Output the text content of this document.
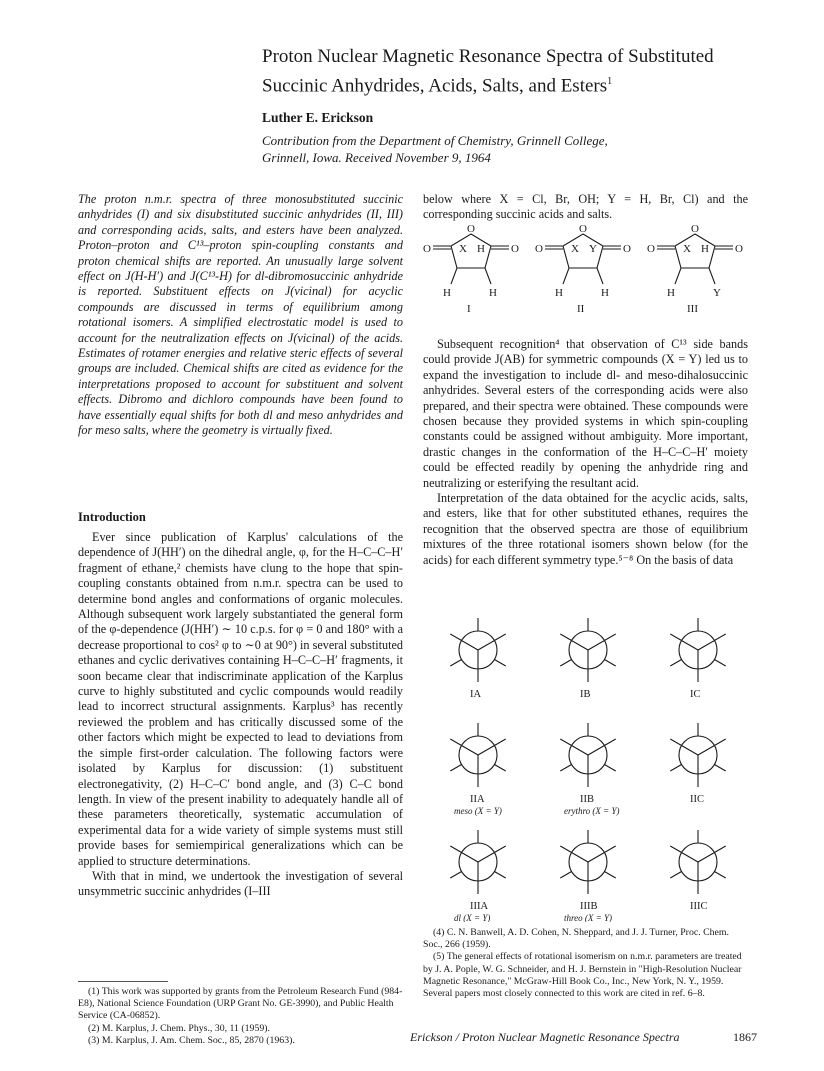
Proton Nuclear Magnetic Resonance Spectra of Substituted
Succinic Anhydrides, Acids, Salts, and Esters$^1$
Luther E. Erickson
Contribution from the Department of Chemistry, Grinnell College,
Grinnell, Iowa. Received November 9, 1964
The proton n.m.r. spectra of three monosubstituted succinic anhydrides (I) and six disubstituted succinic anhydrides (II, III) and corresponding acids, salts, and esters have been analyzed. Proton–proton and C¹³–proton spin-coupling constants and proton chemical shifts are reported. An unusually large solvent effect on J(H-H′) and J(C¹³-H) for dl-dibromosuccinic anhydride is reported. Substituent effects on J(vicinal) for acyclic compounds are discussed in terms of equilibrium among rotational isomers. A simplified electrostatic model is used to account for the neutralization effects on J(vicinal) of the acids. Estimates of rotamer energies and relative steric effects of several groups are included. Chemical shifts are cited as evidence for the interpretations proposed to account for substituent and solvent effects. Dibromo and dichloro compounds have been found to have essentially equal shifts for both dl and meso anhydrides and for meso salts, where the geometry is virtually fixed.
Introduction

Ever since publication of Karplus' calculations of the dependence of J(HH′) on the dihedral angle, φ, for the H–C–C–H′ fragment of ethane,² chemists have clung to the hope that spin-coupling constants obtained from n.m.r. spectra can be used to determine bond angles and conformations of organic molecules. Although subsequent work largely substantiated the general form of the φ-dependence (J(HH′) ∼ 10 c.p.s. for φ = 0 and 180° with a decrease proportional to cos² φ to ∼0 at 90°) in several substituted ethanes and cyclic derivatives containing H–C–C–H′ fragments, it soon became clear that indiscriminate application of the Karplus curve to highly substituted and cyclic compounds would readily lead to incorrect structural assignments. Karplus³ has recently reviewed the problem and has critically discussed some of the other factors which might be expected to lead to deviations from the simple first-order calculation. The following factors were isolated by Karplus for discussion: (1) substituent electronegativity, (2) H–C–C′ bond angle, and (3) C–C bond length. In view of the present inability to adequately handle all of these parameters theoretically, systematic accumulation of experimental data for a wide variety of simple systems must still provide bases for semiempirical generalizations which can be applied to structure determinations.

With that in mind, we undertook the investigation of several unsymmetric succinic anhydrides (I–III

below where X = Cl, Br, OH; Y = H, Br, Cl) and the corresponding succinic acids and salts.
O
O	O
X H
H	H
I
O
O	O
X Y
H	H
II
O
O	O
X H
H	Y
III

Subsequent recognition⁴ that observation of C¹³ side bands could provide J(AB) for symmetric compounds (X = Y) led us to expand the investigation to include dl- and meso-dihalosuccinic anhydrides. Several esters of the corresponding acids were also prepared, and their spectra were obtained. These compounds were chosen because they provided systems in which spin-coupling constants could be assigned without ambiguity. More important, drastic changes in the conformation of the H–C–C–H′ moiety could be effected readily by opening the anhydride ring and neutralizing or esterifying the resultant acid.

Interpretation of the data obtained for the acyclic acids, salts, and esters, like that for other substituted ethanes, requires the recognition that the observed spectra are those of equilibrium mixtures of the three rotational isomers shown below (for the acids) for each different symmetry type.⁵⁻⁸ On the basis of data

IA	IB	IC
IIA
meso (X = Y)
IIB
erythro (X = Y)
IIC
IIIA
dl (X = Y)
IIIB
threo (X = Y)
IIIC

(1) This work was supported by grants from the Petroleum Research Fund (984-E8), National Science Foundation (URP Grant No. GE-3990), and Public Health Service (CA-06852).

(2) M. Karplus, J. Chem. Phys., 30, 11 (1959).

(3) M. Karplus, J. Am. Chem. Soc., 85, 2870 (1963).

(4) C. N. Banwell, A. D. Cohen, N. Sheppard, and J. J. Turner, Proc. Chem. Soc., 266 (1959).

(5) The general effects of rotational isomerism on n.m.r. parameters are treated by J. A. Pople, W. G. Schneider, and H. J. Bernstein in "High-Resolution Nuclear Magnetic Resonance," McGraw-Hill Book Co., Inc., New York, N. Y., 1959. Several papers most closely connected to this work are cited in ref. 6–8.

Erickson / Proton Nuclear Magnetic Resonance Spectra	1867
